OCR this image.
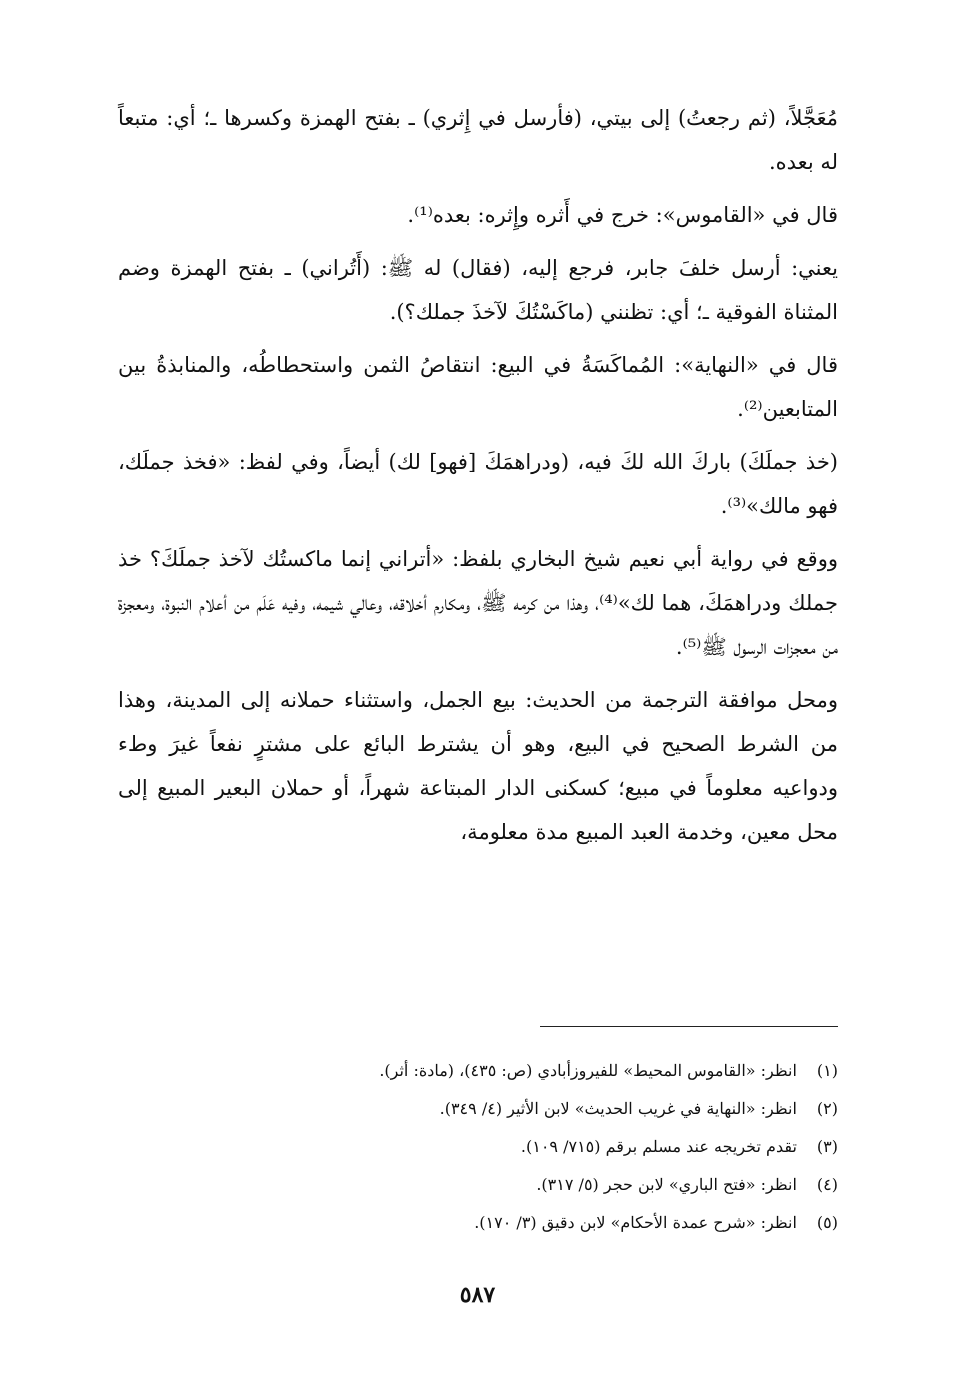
مُعَجَّلاً، (ثم رجعتُ) إلى بيتي، (فأرسل في إِثري) ـ بفتح الهمزة وكسرها ـ؛ أي: متبعاً له بعده.

قال في «القاموس»: خرج في أَثره وإِثره: بعده⁽¹⁾.

يعني: أرسل خلفَ جابر، فرجع إليه، (فقال) له ﷺ: (أَتُراني) ـ بفتح الهمزة وضم المثناة الفوقية ـ؛ أي: تظنني (ماكَسْتُكَ لآخذَ جملك؟).

قال في «النهاية»: المُماكَسَةُ في البيع: انتقاصُ الثمن واستحطاطُه، والمنابذةُ بين المتابعين⁽²⁾.

(خذ جملَكَ) باركَ الله لكَ فيه، (ودراهمَكَ [فهو] لك) أيضاً، وفي لفظ: «فخذ جملَك، فهو مالك»⁽³⁾.

ووقع في رواية أبي نعيم شيخ البخاري بلفظ: «أتراني إنما ماكستُك لآخذ جملَكَ؟ خذ جملك ودراهمَكَ، هما لك»⁽⁴⁾، وهذا من كرمه ﷺ، ومكارم أخلاقه، وعالي شيمه، وفيه عَلَم من أعلام النبوة، ومعجزة من معجزات الرسول ﷺ⁽⁵⁾.

ومحل موافقة الترجمة من الحديث: بيع الجمل، واستثناء حملانه إلى المدينة، وهذا من الشرط الصحيح في البيع، وهو أن يشترط البائع على مشترٍ نفعاً غيرَ وطء ودواعيه معلوماً في مبيع؛ كسكنى الدار المبتاعة شهراً، أو حملان البعير المبيع إلى محل معين، وخدمة العبد المبيع مدة معلومة،

(١) انظر: «القاموس المحيط» للفيروزأبادي (ص: ٤٣٥)، (مادة: أثر).
(٢) انظر: «النهاية في غريب الحديث» لابن الأثير (٤/ ٣٤٩).
(٣) تقدم تخريجه عند مسلم برقم (٧١٥/ ١٠٩).
(٤) انظر: «فتح الباري» لابن حجر (٥/ ٣١٧).
(٥) انظر: «شرح عمدة الأحكام» لابن دقيق (٣/ ١٧٠).
٥٨٧
